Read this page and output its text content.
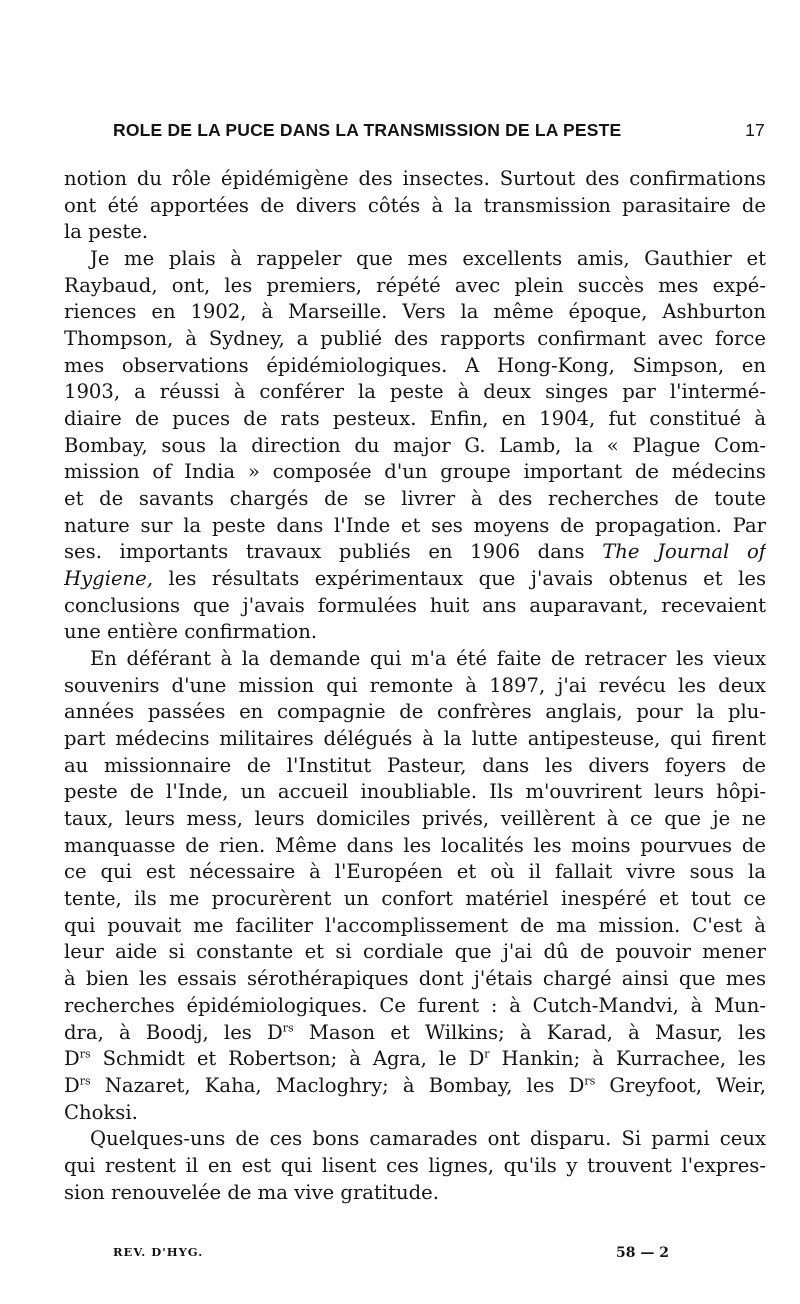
ROLE DE LA PUCE DANS LA TRANSMISSION DE LA PESTE	17
notion du rôle épidémigène des insectes. Surtout des confirmations
ont été apportées de divers côtés à la transmission parasitaire de
la peste.
Je me plais à rappeler que mes excellents amis, Gauthier et
Raybaud, ont, les premiers, répété avec plein succès mes expé-
riences en 1902, à Marseille. Vers la même époque, Ashburton
Thompson, à Sydney, a publié des rapports confirmant avec force
mes observations épidémiologiques. A Hong-Kong, Simpson, en
1903, a réussi à conférer la peste à deux singes par l'intermé-
diaire de puces de rats pesteux. Enfin, en 1904, fut constitué à
Bombay, sous la direction du major G. Lamb, la « Plague Com-
mission of India » composée d'un groupe important de médecins
et de savants chargés de se livrer à des recherches de toute
nature sur la peste dans l'Inde et ses moyens de propagation. Par
ses. importants travaux publiés en 1906 dans The Journal of
Hygiene, les résultats expérimentaux que j'avais obtenus et les
conclusions que j'avais formulées huit ans auparavant, recevaient
une entière confirmation.
En déférant à la demande qui m'a été faite de retracer les vieux
souvenirs d'une mission qui remonte à 1897, j'ai revécu les deux
années passées en compagnie de confrères anglais, pour la plu-
part médecins militaires délégués à la lutte antipesteuse, qui firent
au missionnaire de l'Institut Pasteur, dans les divers foyers de
peste de l'Inde, un accueil inoubliable. Ils m'ouvrirent leurs hôpi-
taux, leurs mess, leurs domiciles privés, veillèrent à ce que je ne
manquasse de rien. Même dans les localités les moins pourvues de
ce qui est nécessaire à l'Européen et où il fallait vivre sous la
tente, ils me procurèrent un confort matériel inespéré et tout ce
qui pouvait me faciliter l'accomplissement de ma mission. C'est à
leur aide si constante et si cordiale que j'ai dû de pouvoir mener
à bien les essais sérothérapiques dont j'étais chargé ainsi que mes
recherches épidémiologiques. Ce furent : à Cutch-Mandvi, à Mun-
dra, à Boodj, les $D^{rs}$ Mason et Wilkins; à Karad, à Masur, les
$D^{rs}$ Schmidt et Robertson; à Agra, le $D^r$ Hankin; à Kurrachee, les
$D^{rs}$ Nazaret, Kaha, Macloghry; à Bombay, les $D^{rs}$ Greyfoot, Weir,
Choksi.
Quelques-uns de ces bons camarades ont disparu. Si parmi ceux
qui restent il en est qui lisent ces lignes, qu'ils y trouvent l'expres-
sion renouvelée de ma vive gratitude.
REV. D'HYG.	58 — 2
